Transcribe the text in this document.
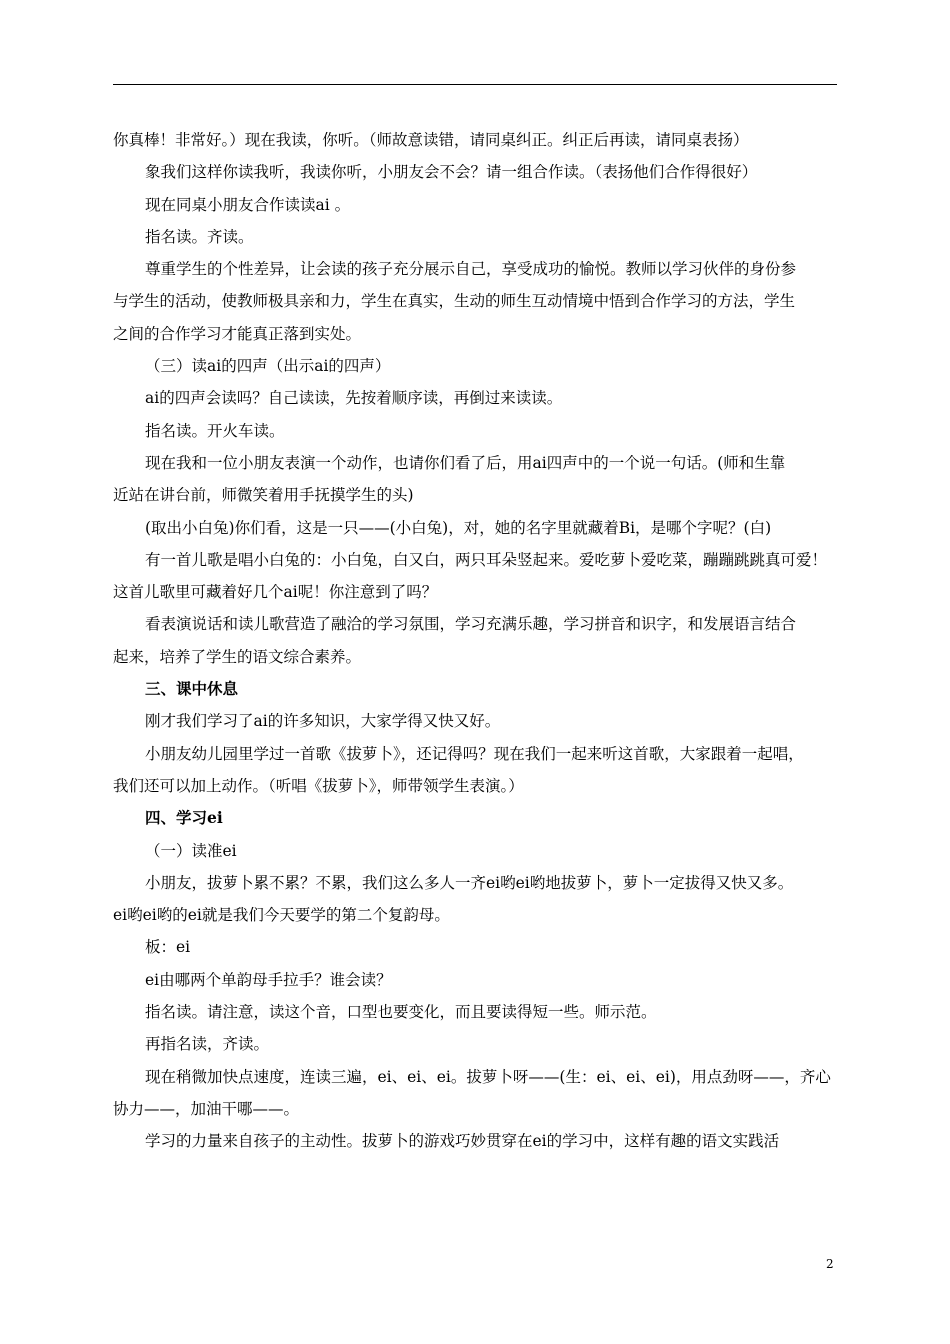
你真棒！非常好。）现在我读，你听。（师故意读错，请同桌纠正。纠正后再读，请同桌表扬）

象我们这样你读我听，我读你听，小朋友会不会？请一组合作读。（表扬他们合作得很好）

现在同桌小朋友合作读读ai 。

指名读。齐读。

尊重学生的个性差异，让会读的孩子充分展示自己，享受成功的愉悦。教师以学习伙伴的身份参

与学生的活动，使教师极具亲和力，学生在真实，生动的师生互动情境中悟到合作学习的方法，学生

之间的合作学习才能真正落到实处。

（三）读ai的四声（出示ai的四声）

ai的四声会读吗？自己读读，先按着顺序读，再倒过来读读。

指名读。开火车读。

现在我和一位小朋友表演一个动作，也请你们看了后，用ai四声中的一个说一句话。(师和生靠

近站在讲台前，师微笑着用手抚摸学生的头)

(取出小白兔)你们看，这是一只——(小白兔)，对，她的名字里就藏着Bi，是哪个字呢？(白)

有一首儿歌是唱小白兔的：小白兔，白又白，两只耳朵竖起来。爱吃萝卜爱吃菜，蹦蹦跳跳真可爱！

这首儿歌里可藏着好几个ai呢！你注意到了吗？

看表演说话和读儿歌营造了融洽的学习氛围，学习充满乐趣，学习拼音和识字，和发展语言结合

起来，培养了学生的语文综合素养。

三、课中休息

刚才我们学习了ai的许多知识，大家学得又快又好。

小朋友幼儿园里学过一首歌《拔萝卜》，还记得吗？现在我们一起来听这首歌，大家跟着一起唱，

我们还可以加上动作。（听唱《拔萝卜》，师带领学生表演。）

四、学习ei

（一）读准ei

小朋友，拔萝卜累不累？不累，我们这么多人一齐ei哟ei哟地拔萝卜，萝卜一定拔得又快又多。

ei哟ei哟的ei就是我们今天要学的第二个复韵母。

板：ei

ei由哪两个单韵母手拉手？谁会读？

指名读。请注意，读这个音，口型也要变化，而且要读得短一些。师示范。

再指名读，齐读。

现在稍微加快点速度，连读三遍，ei、ei、ei。拔萝卜呀——(生：ei、ei、ei)，用点劲呀——，齐心

协力——，加油干哪——。

学习的力量来自孩子的主动性。拔萝卜的游戏巧妙贯穿在ei的学习中，这样有趣的语文实践活

2
